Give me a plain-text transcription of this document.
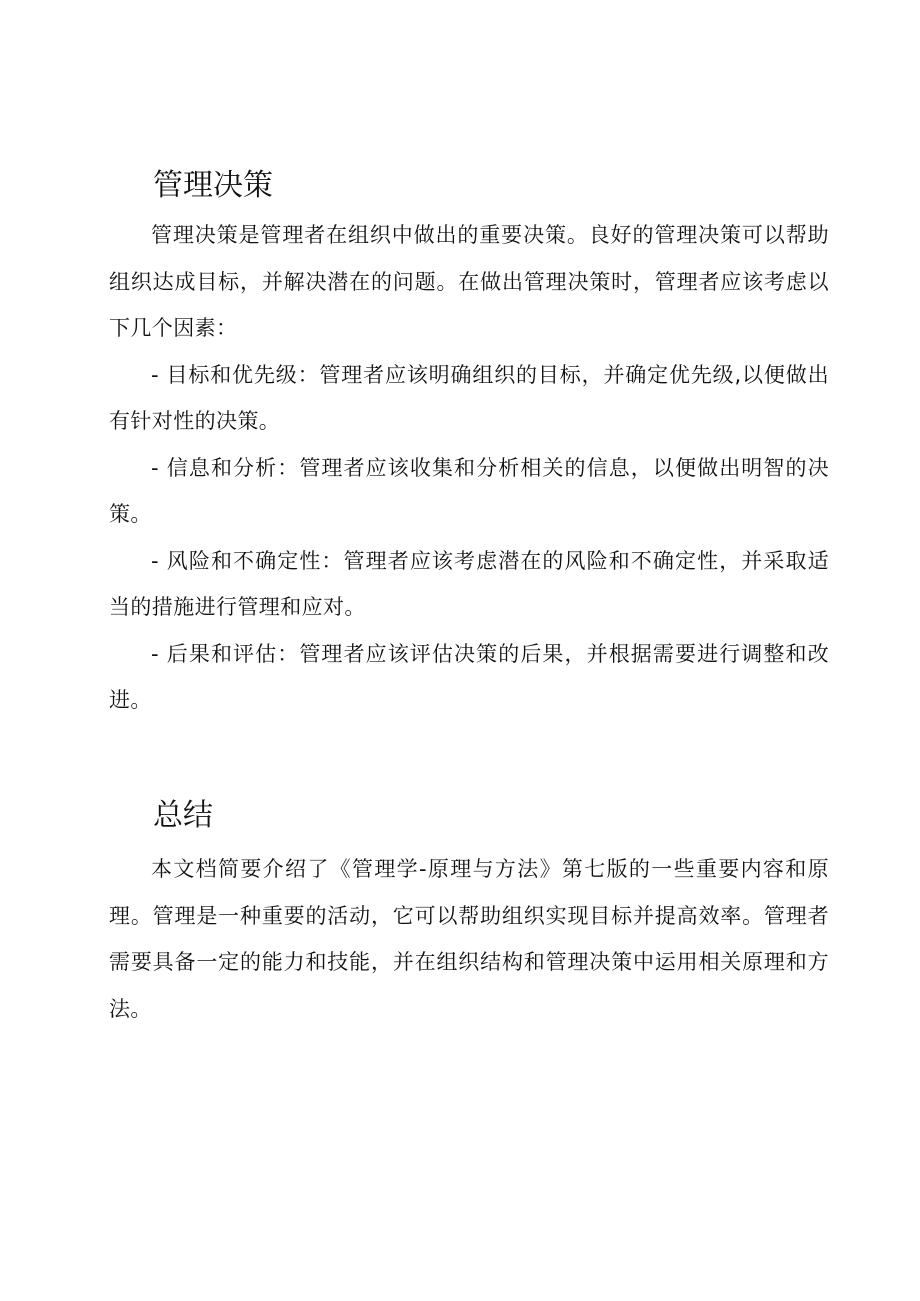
管理决策

管理决策是管理者在组织中做出的重要决策。良好的管理决策可以帮助组织达成目标，并解决潜在的问题。在做出管理决策时，管理者应该考虑以下几个因素：

- 目标和优先级：管理者应该明确组织的目标，并确定优先级,以便做出有针对性的决策。

- 信息和分析：管理者应该收集和分析相关的信息，以便做出明智的决策。

- 风险和不确定性：管理者应该考虑潜在的风险和不确定性，并采取适当的措施进行管理和应对。

- 后果和评估：管理者应该评估决策的后果，并根据需要进行调整和改进。

总结

本文档简要介绍了《管理学-原理与方法》第七版的一些重要内容和原理。管理是一种重要的活动，它可以帮助组织实现目标并提高效率。管理者需要具备一定的能力和技能，并在组织结构和管理决策中运用相关原理和方法。
